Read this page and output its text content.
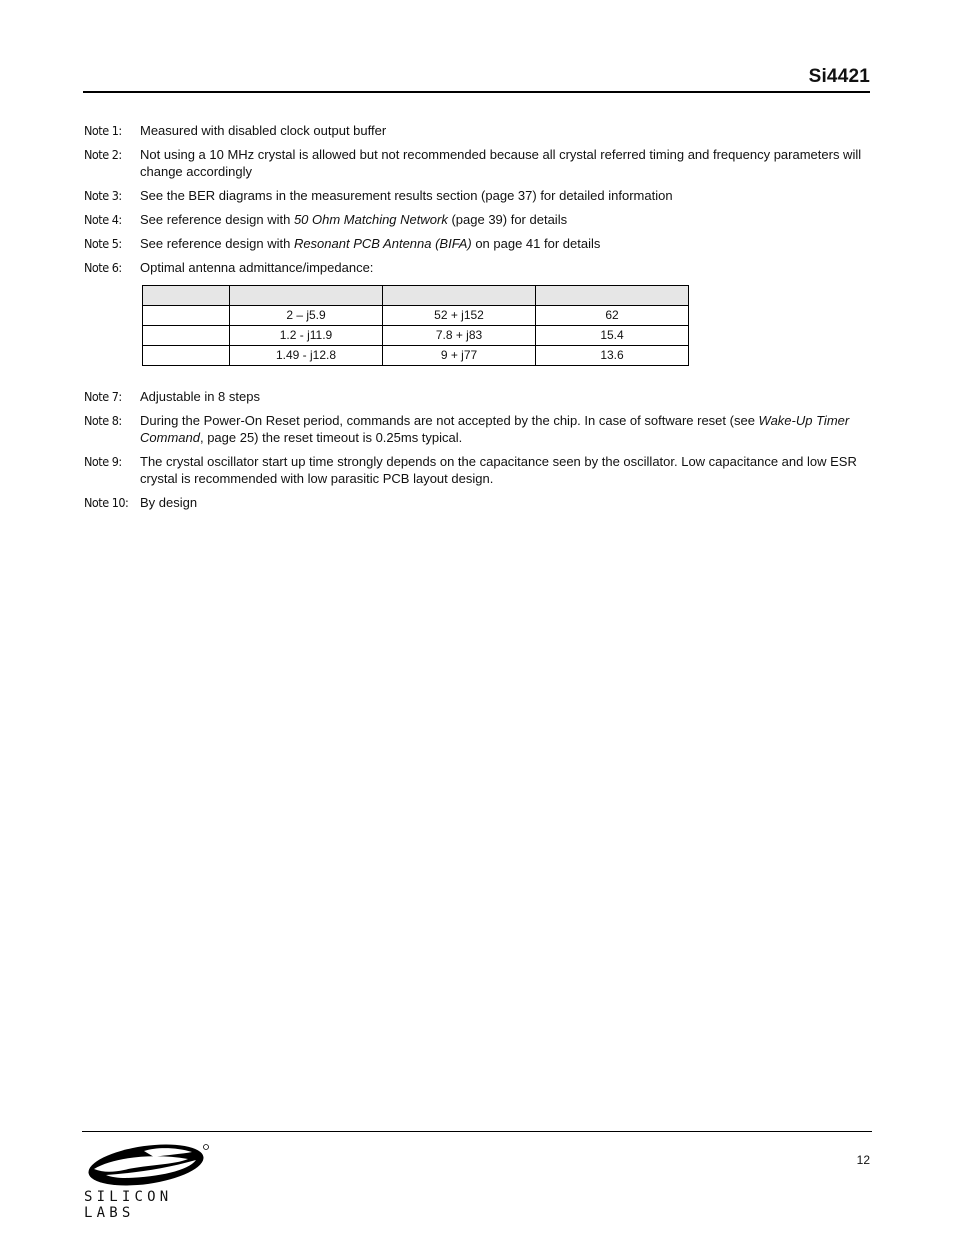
Si4421
Note 1:	Measured with disabled clock output buffer
Note 2:	Not using a 10 MHz crystal is allowed but not recommended because all crystal referred timing and frequency parameters will change accordingly
Note 3:	See the BER diagrams in the measurement results section (page 37) for detailed information
Note 4:	See reference design with 50 Ohm Matching Network (page 39) for details
Note 5:	See reference design with Resonant PCB Antenna (BIFA) on page 41 for details
Note 6:	Optimal antenna admittance/impedance:

	2 – j5.9	52 + j152	62
	1.2 - j11.9	7.8 + j83	15.4
	1.49 - j12.8	9 + j77	13.6
Note 7:	Adjustable in 8 steps
Note 8:	During the Power-On Reset period, commands are not accepted by the chip. In case of software reset (see Wake-Up Timer Command, page 25) the reset timeout is 0.25ms typical.
Note 9:	The crystal oscillator start up time strongly depends on the capacitance seen by the oscillator. Low capacitance and low ESR crystal is recommended with low parasitic PCB layout design.
Note 10: By design
SILICON LABS
12
